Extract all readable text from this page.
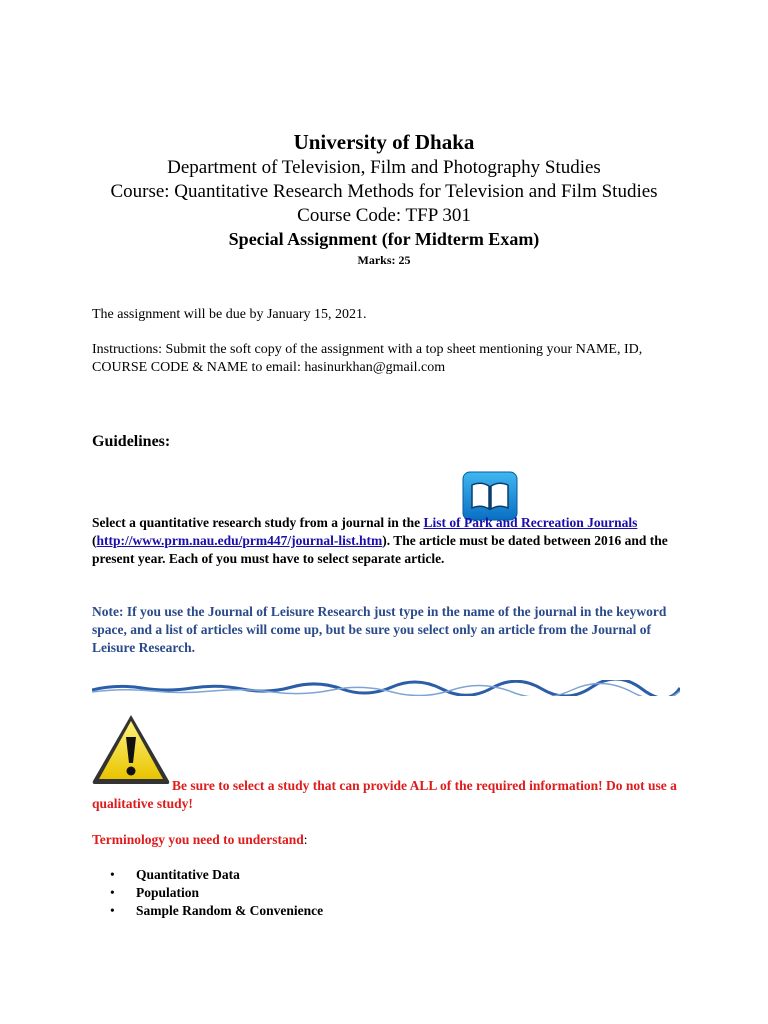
University of Dhaka
Department of Television, Film and Photography Studies
Course: Quantitative Research Methods for Television and Film Studies
Course Code: TFP 301
Special Assignment (for Midterm Exam)
Marks: 25
The assignment will be due by January 15, 2021.
Instructions: Submit the soft copy of the assignment with a top sheet mentioning your NAME, ID, COURSE CODE & NAME to email: hasinurkhan@gmail.com
Guidelines:
Select a quantitative research study from a journal in the List of Park and Recreation Journals (http://www.prm.nau.edu/prm447/journal-list.htm). The article must be dated between 2016 and the present year. Each of you must have to select separate article.
Note: If you use the Journal of Leisure Research just type in the name of the journal in the keyword space, and a list of articles will come up, but be sure you select only an article from the Journal of Leisure Research.
Be sure to select a study that can provide ALL of the required information! Do not use a qualitative study!
Terminology you need to understand:
• Quantitative Data
• Population
• Sample Random & Convenience
